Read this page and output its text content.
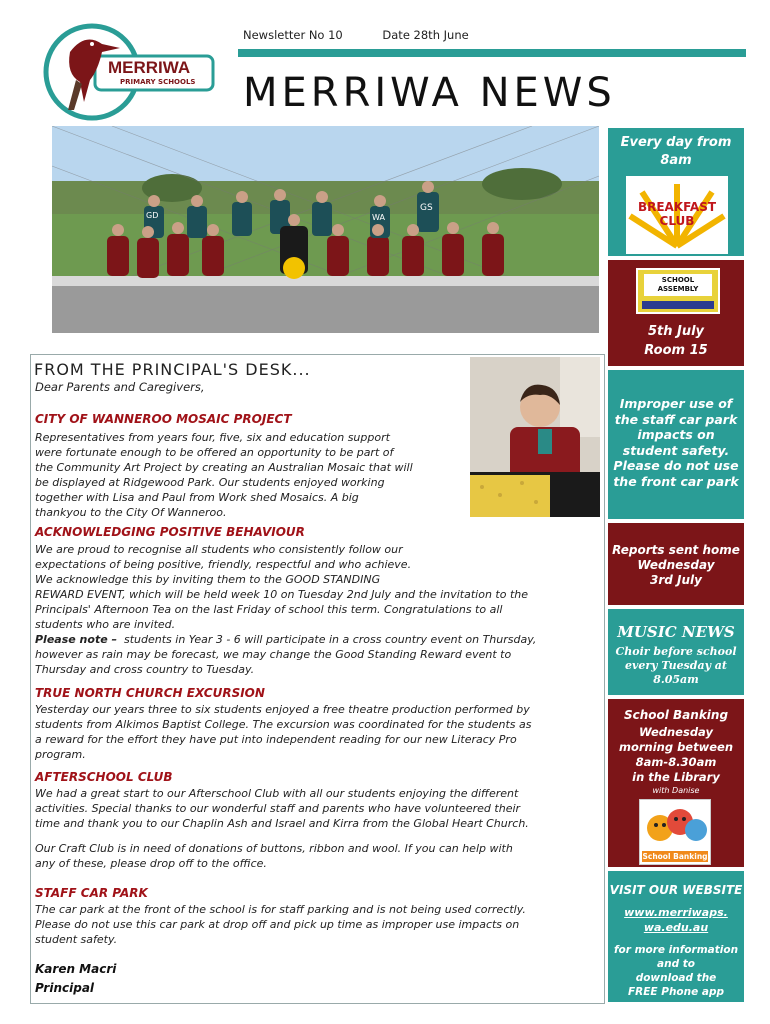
MERRIWA
PRIMARY SCHOOLS
Newsletter No 10	Date 28th June
MERRIWA NEWS
GD
GS
WA
FROM THE PRINCIPAL'S DESK...
Dear Parents and Caregivers,
CITY OF WANNEROO MOSAIC PROJECT
Representatives from years four, five, six and education support
were fortunate enough to be offered an opportunity to be part of
the Community Art Project by creating an Australian Mosaic that will
be displayed at Ridgewood Park. Our students enjoyed working
together with Lisa and Paul from Work shed Mosaics. A big
thankyou to the City Of Wanneroo.
ACKNOWLEDGING POSITIVE BEHAVIOUR
We are proud to recognise all students who consistently follow our
expectations of being positive, friendly, respectful and who achieve.
We acknowledge this by inviting them to the GOOD STANDING
REWARD EVENT, which will be held week 10 on Tuesday 2nd July and the invitation to the
Principals' Afternoon Tea on the last Friday of school this term. Congratulations to all
students who are invited.
Please note – students in Year 3 - 6 will participate in a cross country event on Thursday,
however as rain may be forecast, we may change the Good Standing Reward event to
Thursday and cross country to Tuesday.
TRUE NORTH CHURCH EXCURSION
Yesterday our years three to six students enjoyed a free theatre production performed by
students from Alkimos Baptist College. The excursion was coordinated for the students as
a reward for the effort they have put into independent reading for our new Literacy Pro
program.
AFTERSCHOOL CLUB
We had a great start to our Afterschool Club with all our students enjoying the different
activities. Special thanks to our wonderful staff and parents who have volunteered their
time and thank you to our Chaplin Ash and Israel and Kirra from the Global Heart Church.
Our Craft Club is in need of donations of buttons, ribbon and wool. If you can help with
any of these, please drop off to the office.
STAFF CAR PARK
The car park at the front of the school is for staff parking and is not being used correctly.
Please do not use this car park at drop off and pick up time as improper use impacts on
student safety.
Karen Macri
Principal
Every day from
8am
BREAKFAST
CLUB
SCHOOL
ASSEMBLY
5th July
Room 15
Improper use of
the staff car park
impacts on
student safety.
Please do not use
the front car park
Reports sent home
Wednesday
3rd July
MUSIC NEWS
Choir before school
every Tuesday at
8.05am
School Banking
Wednesday
morning between
8am-8.30am
in the Library
with Danise
School Banking
VISIT OUR WEBSITE
www.merriwaps.
wa.edu.au
for more information
and to
download the
FREE Phone app
